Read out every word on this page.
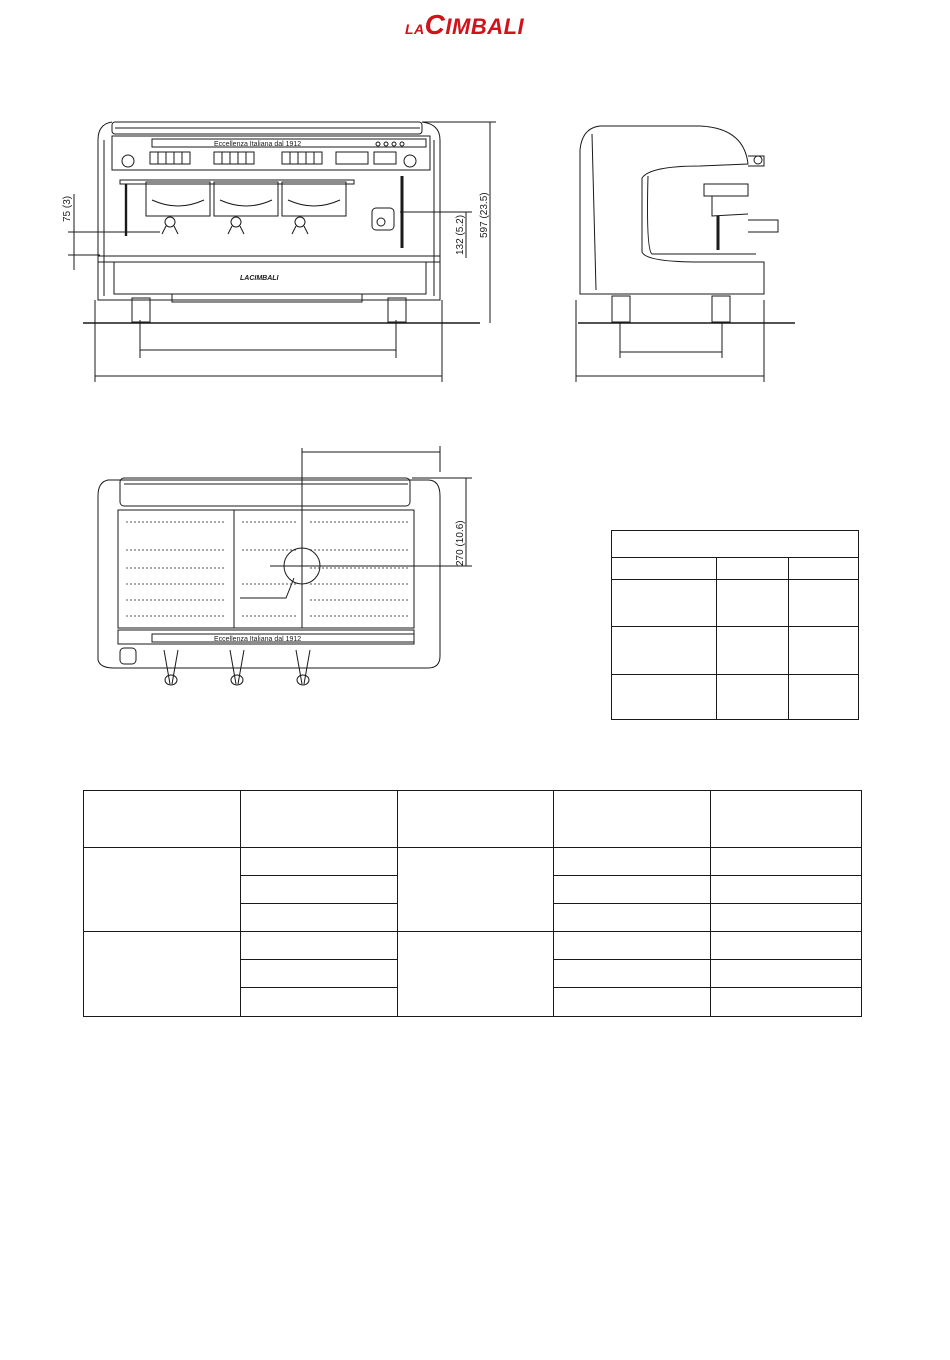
LACIMBALI
Eccellenza Italiana dal 1912
LACIMBALI
75 (3)
132 (5.2) 597 (23.5)
Eccellenza Italiana dal 1912
270 (10.6)
